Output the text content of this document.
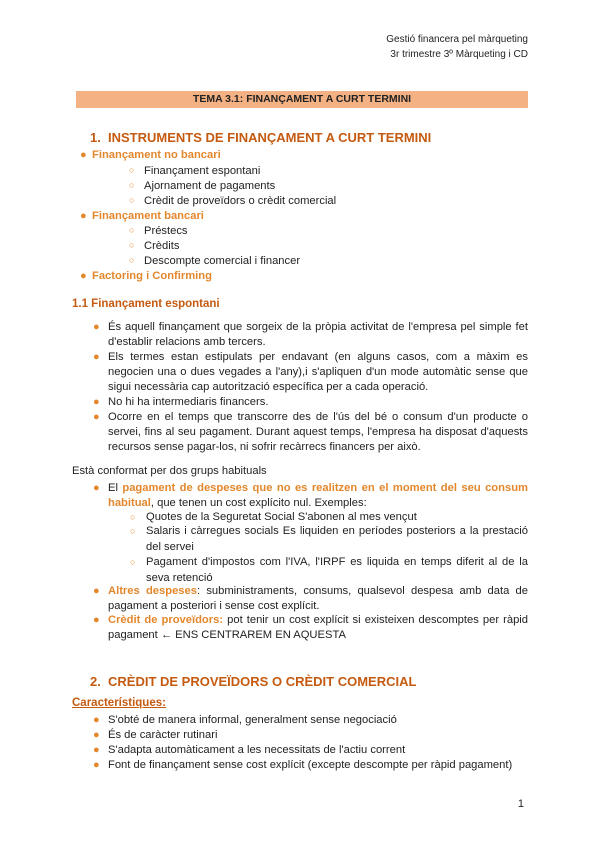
Gestió financera pel màrqueting
3r trimestre 3º Màrqueting i CD
TEMA 3.1: FINANÇAMENT A CURT TERMINI
1. INSTRUMENTS DE FINANÇAMENT A CURT TERMINI
● Finançament no bancari
○ Finançament espontani
○ Ajornament de pagaments
○ Crèdit de proveïdors o crèdit comercial
● Finançament bancari
○ Préstecs
○ Crèdits
○ Descompte comercial i financer
● Factoring i Confirming
1.1 Finançament espontani
● És aquell finançament que sorgeix de la pròpia activitat de l'empresa pel simple fet d'establir relacions amb tercers.
● Els termes estan estipulats per endavant (en alguns casos, com a màxim es negocien una o dues vegades a l'any),i s'apliquen d'un mode automàtic sense que sigui necessària cap autorització específica per a cada operació.
● No hi ha intermediaris financers.
● Ocorre en el temps que transcorre des de l'ús del bé o consum d'un producte o servei, fins al seu pagament. Durant aquest temps, l'empresa ha disposat d'aquests recursos sense pagar-los, ni sofrir recàrrecs financers per això.
Està conformat per dos grups habituals
● El pagament de despeses que no es realitzen en el moment del seu consum habitual, que tenen un cost explícito nul. Exemples:
○ Quotes de la Seguretat Social S'abonen al mes vençut
○ Salaris i càrregues socials Es liquiden en períodes posteriors a la prestació del servei
○ Pagament d'impostos com l'IVA, l'IRPF es liquida en temps diferit al de la seva retenció
● Altres despeses: subministraments, consums, qualsevol despesa amb data de pagament a posteriori i sense cost explícit.
● Crèdit de proveïdors: pot tenir un cost explícit si existeixen descomptes per ràpid pagament ← ENS CENTRAREM EN AQUESTA
2. CRÈDIT DE PROVEÏDORS O CRÈDIT COMERCIAL
Característiques:
● S'obté de manera informal, generalment sense negociació
● És de caràcter rutinari
● S'adapta automàticament a les necessitats de l'actiu corrent
● Font de finançament sense cost explícit (excepte descompte per ràpid pagament)
1
